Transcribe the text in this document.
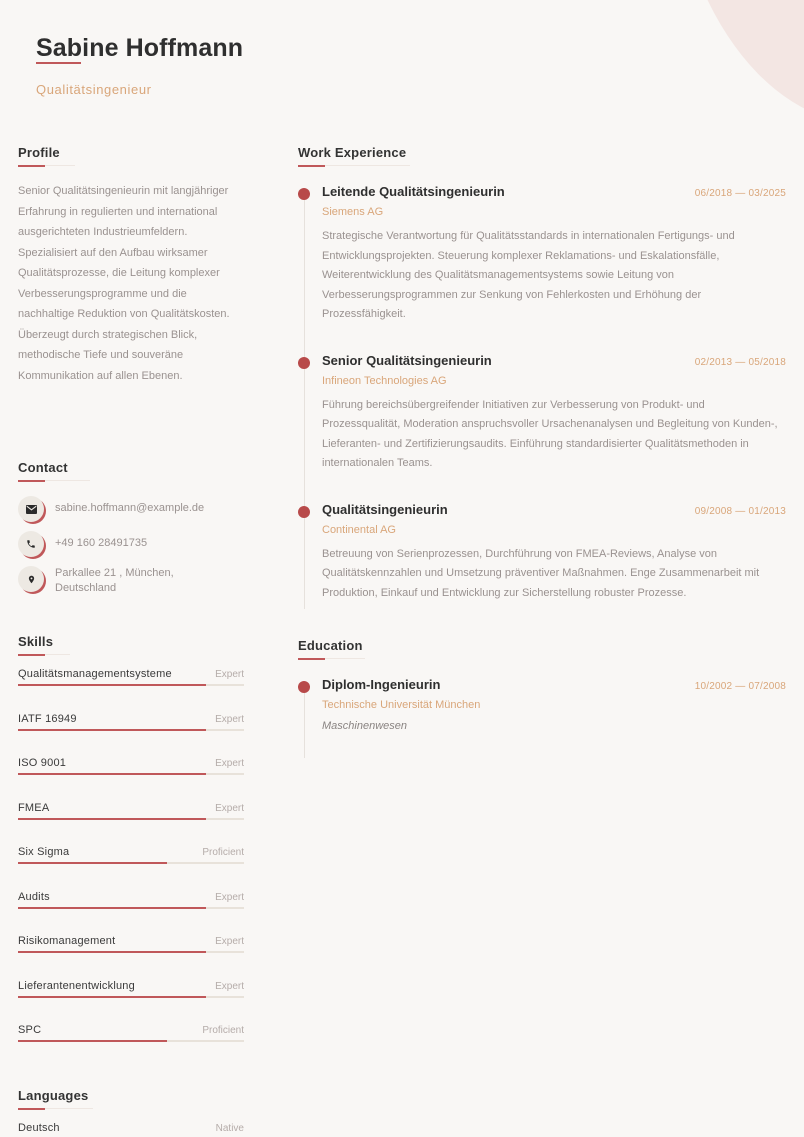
Sabine Hoffmann
Qualitätsingenieur
Profile

Senior Qualitätsingenieurin mit langjähriger Erfahrung in regulierten und international ausgerichteten Industrieumfeldern. Spezialisiert auf den Aufbau wirksamer Qualitätsprozesse, die Leitung komplexer Verbesserungsprogramme und die nachhaltige Reduktion von Qualitätskosten. Überzeugt durch strategischen Blick, methodische Tiefe und souveräne Kommunikation auf allen Ebenen.

Contact
sabine.hoffmann@example.de
+49 160 28491735
Parkallee 21 , München, Deutschland
Skills
Qualitätsmanagementsysteme	Expert
IATF 16949	Expert
ISO 9001	Expert
FMEA	Expert
Six Sigma	Proficient
Audits	Expert
Risikomanagement	Expert
Lieferantenentwicklung	Expert
SPC	Proficient
Languages
Deutsch	Native
Work Experience
Leitende Qualitätsingenieurin	06/2018 — 03/2025
Siemens AG
Strategische Verantwortung für Qualitätsstandards in internationalen Fertigungs- und Entwicklungsprojekten. Steuerung komplexer Reklamations- und Eskalationsfälle, Weiterentwicklung des Qualitätsmanagementsystems sowie Leitung von Verbesserungsprogrammen zur Senkung von Fehlerkosten und Erhöhung der Prozessfähigkeit.
Senior Qualitätsingenieurin	02/2013 — 05/2018
Infineon Technologies AG
Führung bereichsübergreifender Initiativen zur Verbesserung von Produkt- und Prozessqualität, Moderation anspruchsvoller Ursachenanalysen und Begleitung von Kunden-, Lieferanten- und Zertifizierungsaudits. Einführung standardisierter Qualitätsmethoden in internationalen Teams.
Qualitätsingenieurin	09/2008 — 01/2013
Continental AG
Betreuung von Serienprozessen, Durchführung von FMEA-Reviews, Analyse von Qualitätskennzahlen und Umsetzung präventiver Maßnahmen. Enge Zusammenarbeit mit Produktion, Einkauf und Entwicklung zur Sicherstellung robuster Prozesse.
Education
Diplom-Ingenieurin	10/2002 — 07/2008
Technische Universität München
Maschinenwesen
